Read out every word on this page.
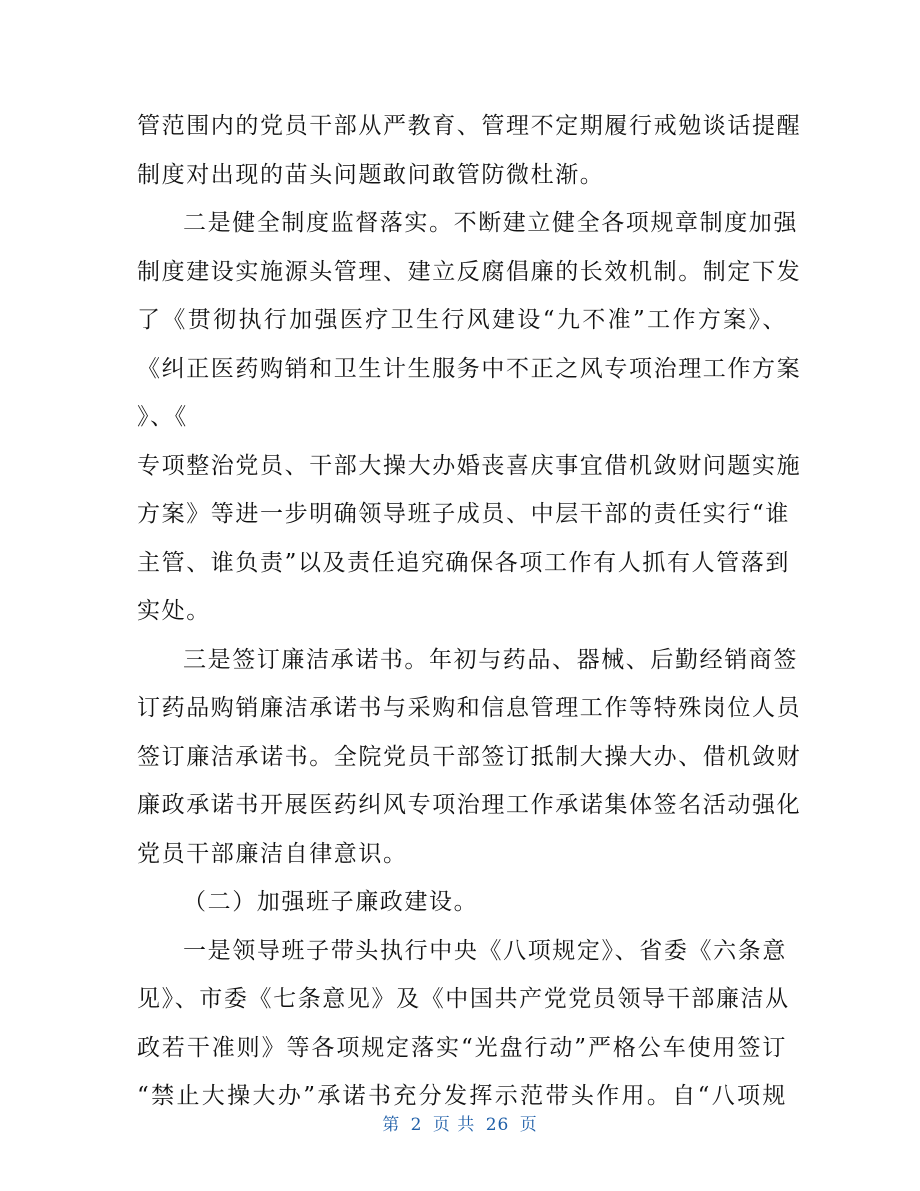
管范围内的党员干部从严教育、管理不定期履行戒勉谈话提醒
制度对出现的苗头问题敢问敢管防微杜渐。
二是健全制度监督落实。不断建立健全各项规章制度加强
制度建设实施源头管理、建立反腐倡廉的长效机制。制定下发
了《贯彻执行加强医疗卫生行风建设“九不准”工作方案》、
《纠正医药购销和卫生计生服务中不正之风专项治理工作方案
》、《
专项整治党员、干部大操大办婚丧喜庆事宜借机敛财问题实施
方案》等进一步明确领导班子成员、中层干部的责任实行“谁
主管、谁负责”以及责任追究确保各项工作有人抓有人管落到
实处。
三是签订廉洁承诺书。年初与药品、器械、后勤经销商签
订药品购销廉洁承诺书与采购和信息管理工作等特殊岗位人员
签订廉洁承诺书。全院党员干部签订抵制大操大办、借机敛财
廉政承诺书开展医药纠风专项治理工作承诺集体签名活动强化
党员干部廉洁自律意识。
（二）加强班子廉政建设。
一是领导班子带头执行中央《八项规定》、省委《六条意
见》、市委《七条意见》及《中国共产党党员领导干部廉洁从
政若干准则》等各项规定落实“光盘行动”严格公车使用签订
“禁止大操大办”承诺书充分发挥示范带头作用。自“八项规
第 2 页 共 26 页
